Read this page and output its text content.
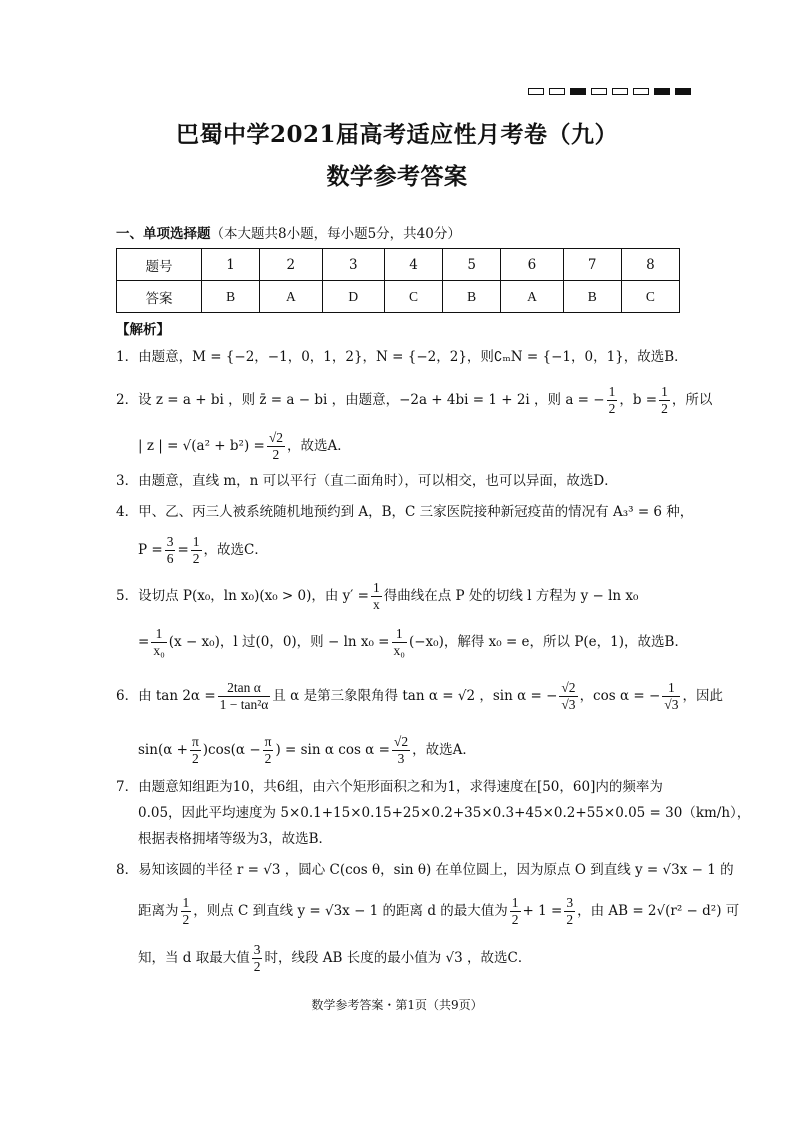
巴蜀中学2021届高考适应性月考卷（九）
数学参考答案
一、单项选择题（本大题共8小题，每小题5分，共40分）
题号	1	2	3	4	5	6	7	8
答案	B	A	D	C	B	A	B	C
【解析】
1．由题意，M = {−2，−1，0，1，2}，N = {−2，2}，则∁ₘN = {−1，0，1}，故选B．
2．设 z = a + bi ，则 z̄ = a − bi ，由题意，−2a + 4bi = 1 + 2i ，则 a = − $\frac{1}{2}$ ，$b = \frac{1}{2}$ ，所以
| z | = $√(a^2 + b^2) = \frac{√2}{2}$ ，故选A．
3．由题意，直线 m，n 可以平行（直二面角时），可以相交，也可以异面，故选D．
4．甲、乙、丙三人被系统随机地预约到 A，B，C 三家医院接种新冠疫苗的情况有 A₃³ = 6 种，
$P = \frac{3}{6} = \frac{1}{2}$ ，故选C．
5．设切点 P(x₀，ln x₀)(x₀ > 0)，由 $y' = \frac{1}{x}$ 得曲线在点 P 处的切线 l 方程为 y − ln x₀
= $\frac{1}{\text{x₀}} (x - x_0)$，l 过(0，0)，则 − $\ln x_0 = \frac{1}{\text{x₀}} (-x_0)$，解得 x₀ = e，所以 P(e，1)，故选B．
6．由 $\tan 2\alpha = \frac{\text{2tan α}}{\text{1 − tan²α}}$ 且 α 是第三象限角得 tan α = √2 ，sin α = − $\frac{√2}{√3}$ ，cos α = − $\frac{1}{√3}$ ，因此
$\sin(\alpha + \frac{\pi}{2} )\cos(\alpha - \frac{\pi}{2}$ ) = sin α $\cos \alpha = \frac{√2}{3}$ ，故选A．
7．由题意知组距为10，共6组，由六个矩形面积之和为1，求得速度在[50，60]内的频率为
0.05，因此平均速度为 5×0.1+15×0.15+25×0.2+35×0.3+45×0.2+55×0.05 = 30（km/h），
根据表格拥堵等级为3，故选B．
8．易知该圆的半径 r = √3 ，圆心 C(cos θ，sin θ) 在单位圆上，因为原点 O 到直线 y = √3x − 1 的
距离为 $\frac{1}{2}$ ，则点 C 到直线 y = √3x − 1 的距离 d 的最大值为 $\frac{1}{2} + 1 = \frac{3}{2}$ ，由 AB = 2√(r² − d²) 可
知，当 d 取最大值 $\frac{3}{2}$ 时，线段 AB 长度的最小值为 √3 ，故选C．
数学参考答案・第1页（共9页）
